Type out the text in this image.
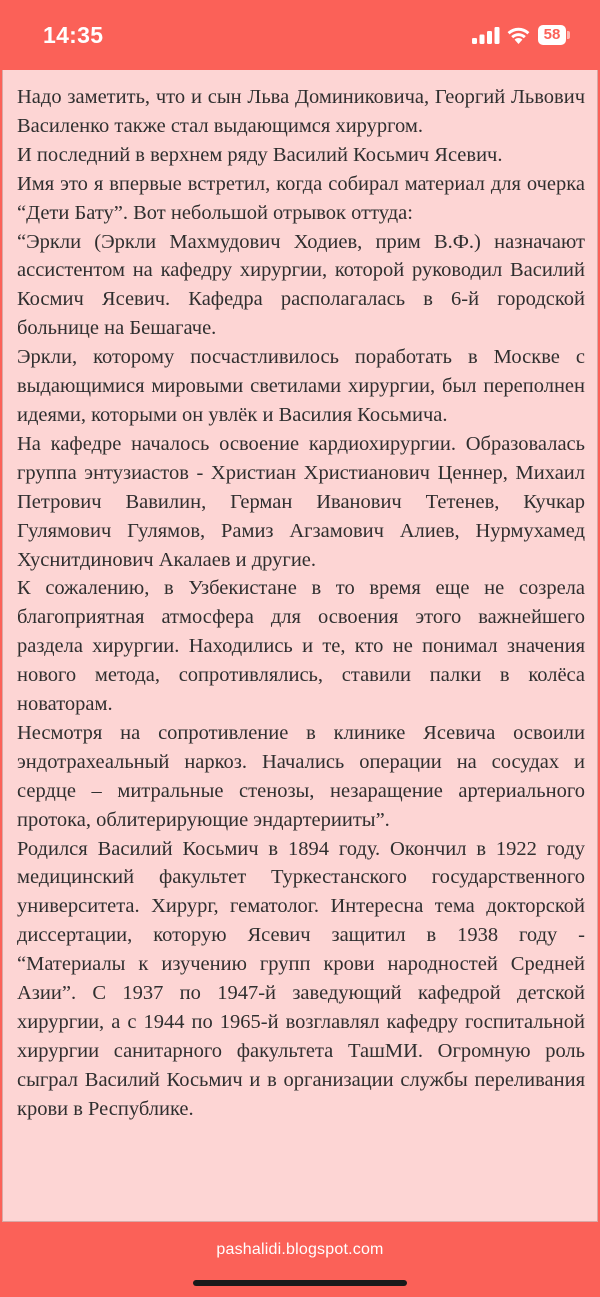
14:35	58

Надо заметить, что и сын Льва Доминиковича, Георгий Львович Василенко также стал выдающимся хирургом.

И последний в верхнем ряду Василий Косьмич Ясевич.

Имя это я впервые встретил, когда собирал материал для очерка “Дети Бату”. Вот небольшой отрывок оттуда:

“Эркли (Эркли Махмудович Ходиев, прим В.Ф.) назначают ассистентом на кафедру хирургии, которой руководил Василий Космич Ясевич. Кафедра располагалась в 6-й городской больнице на Бешагаче.

Эркли, которому посчастливилось поработать в Москве с выдающимися мировыми светилами хирургии, был переполнен идеями, которыми он увлёк и Василия Косьмича.

На кафедре началось освоение кардиохирургии. Образовалась группа энтузиастов - Христиан Христианович Ценнер, Михаил Петрович Вавилин, Герман Иванович Тетенев, Кучкар Гулямович Гулямов, Рамиз Агзамович Алиев, Нурмухамед Хуснитдинович Акалаев и другие.

К сожалению, в Узбекистане в то время еще не созрела благоприятная атмосфера для освоения этого важнейшего раздела хирургии. Находились и те, кто не понимал значения нового метода, сопротивлялись, ставили палки в колёса новаторам.

Несмотря на сопротивление в клинике Ясевича освоили эндотрахеальный наркоз. Начались операции на сосудах и сердце – митральные стенозы, незаращение артериального протока, облитерирующие эндартерииты”.

Родился Василий Косьмич в 1894 году. Окончил в 1922 году медицинский факультет Туркестанского государственного университета. Хирург, гематолог. Интересна тема докторской диссертации, которую Ясевич защитил в 1938 году - “Материалы к изучению групп крови народностей Средней Азии”. С 1937 по 1947-й заведующий кафедрой детской хирургии, а с 1944 по 1965-й возглавлял кафедру госпитальной хирургии санитарного факультета ТашМИ. Огромную роль сыграл Василий Косьмич и в организации службы переливания крови в Республике.

pashalidi.blogspot.com
